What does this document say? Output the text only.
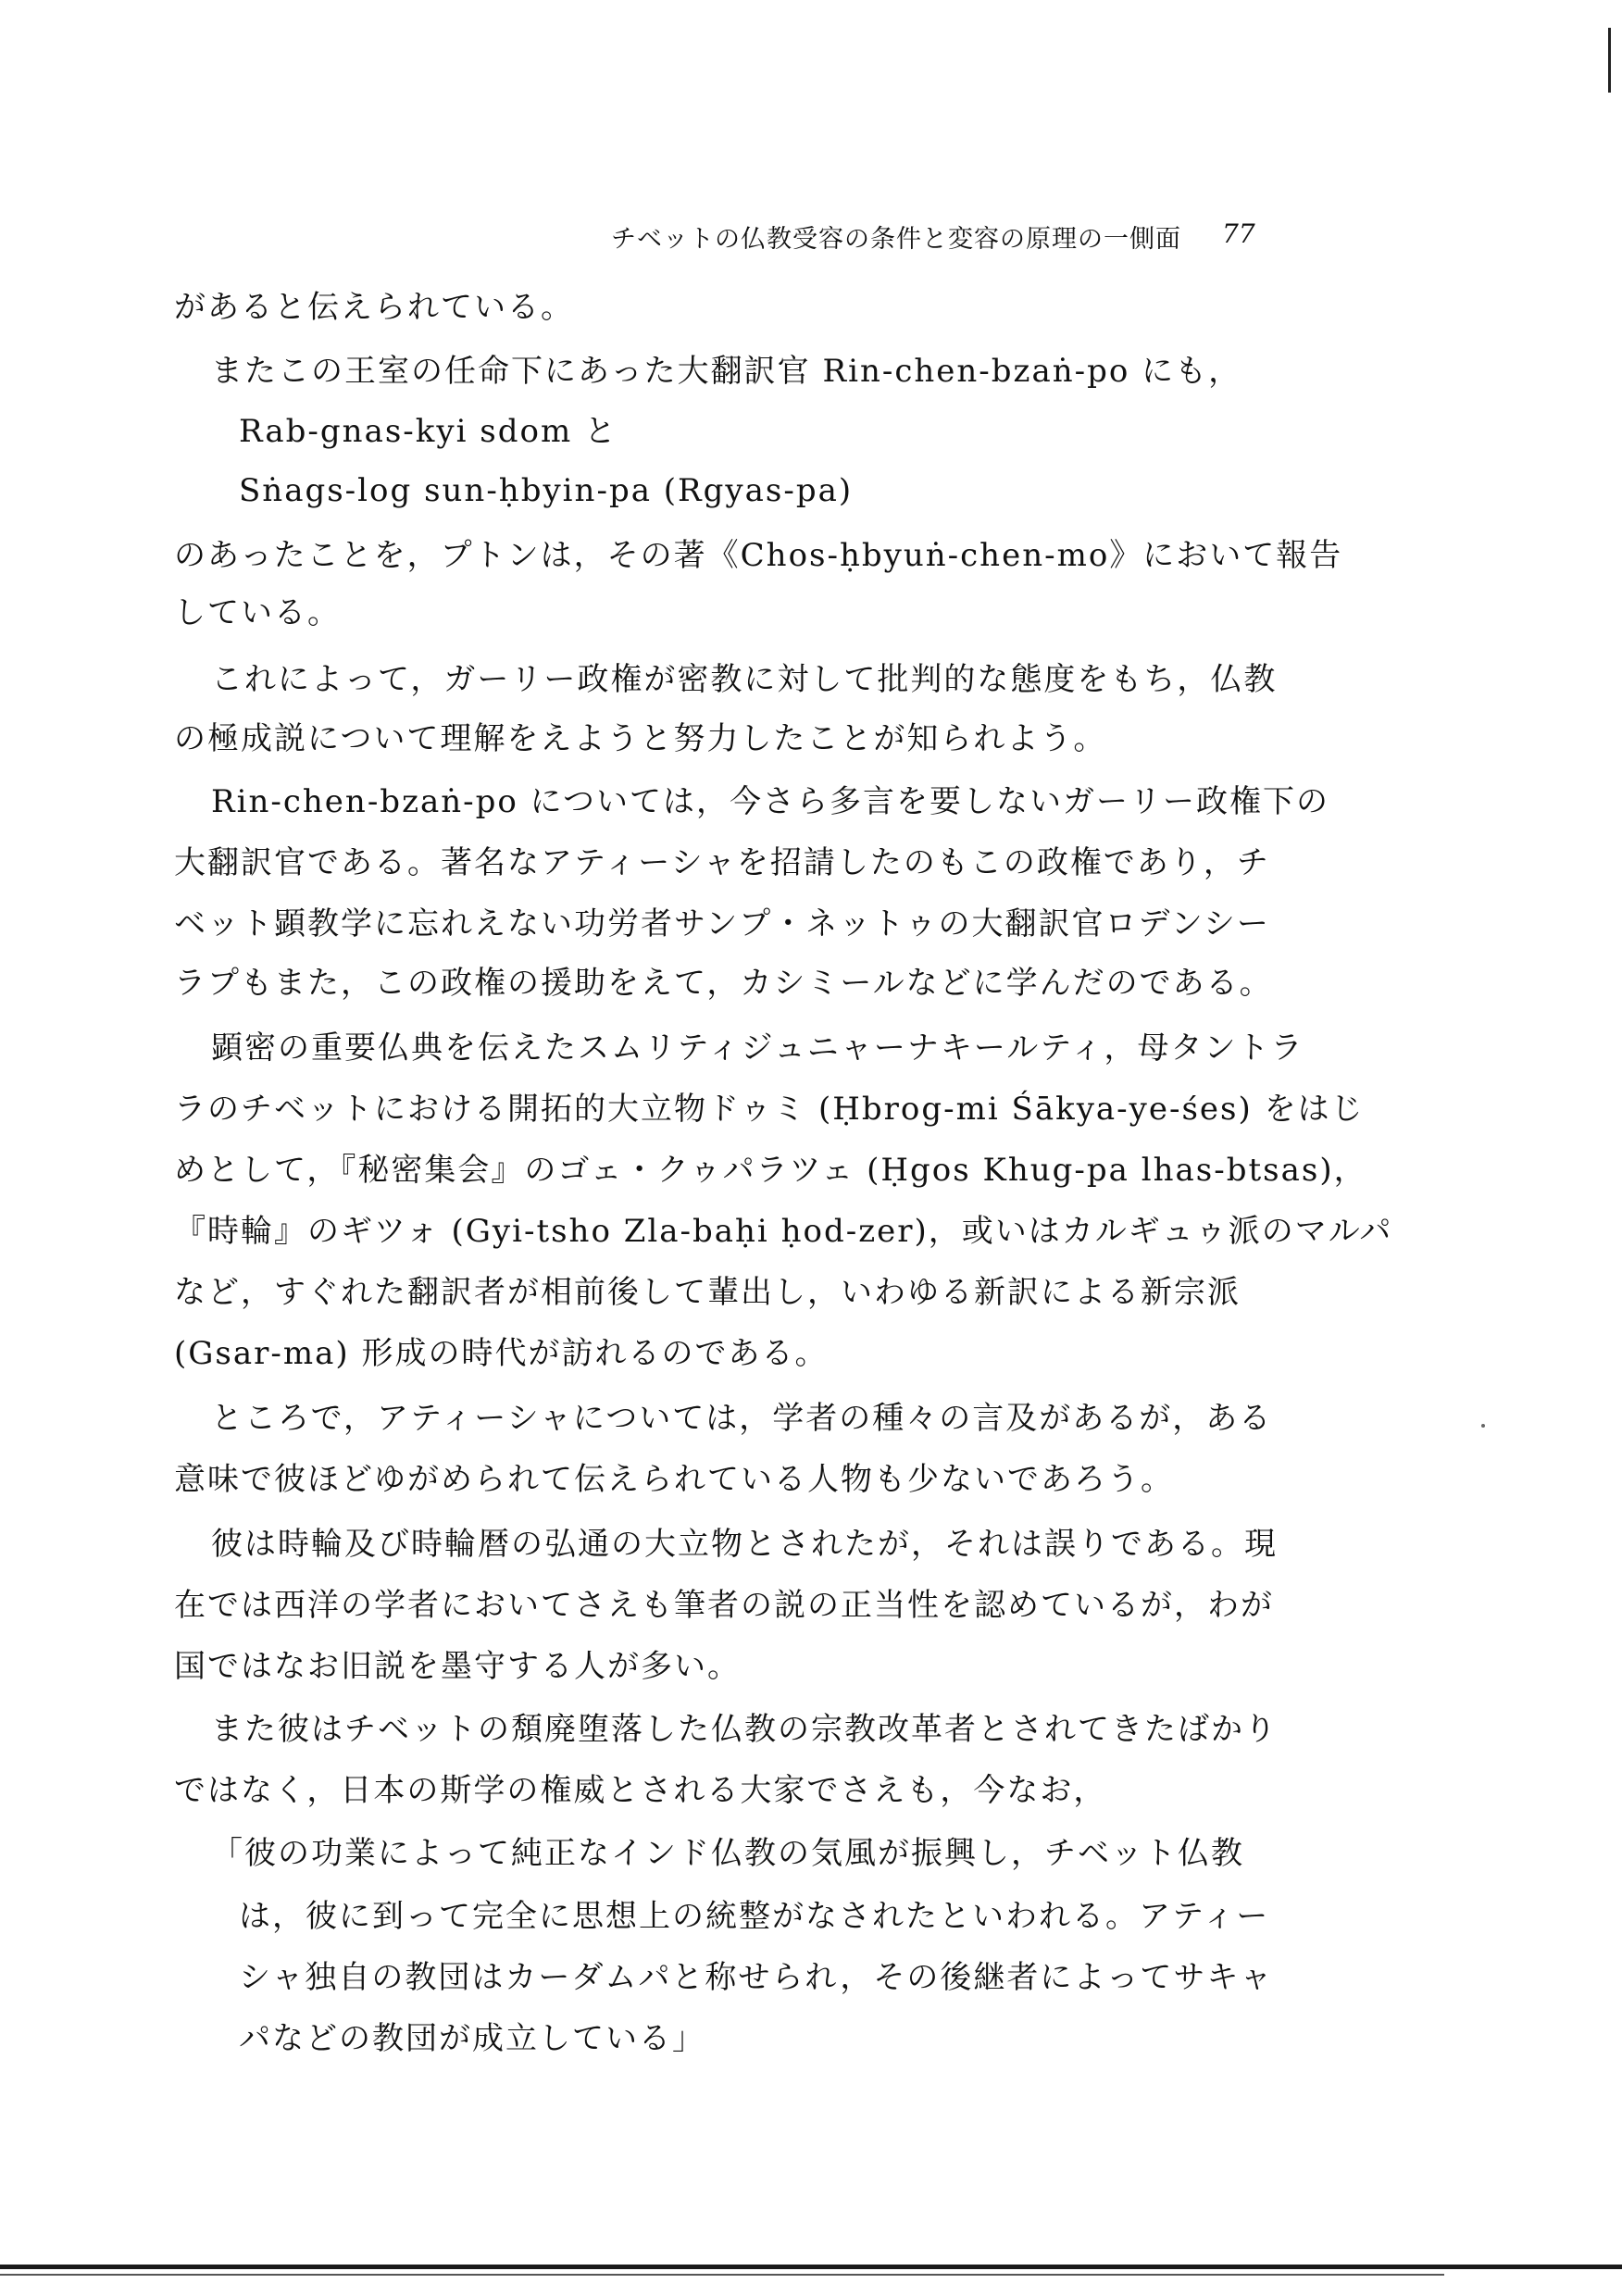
チベットの仏教受容の条件と変容の原理の一側面 77
があると伝えられている。
またこの王室の任命下にあった大翻訳官 Rin-chen-bzaṅ-po にも，
Rab-gnas-kyi sdom と
Sṅags-log sun-ḥbyin-pa (Rgyas-pa)
のあったことを，プトンは，その著《Chos-ḥbyuṅ-chen-mo》において報告
している。
これによって，ガーリー政権が密教に対して批判的な態度をもち，仏教
の極成説について理解をえようと努力したことが知られよう。
Rin-chen-bzaṅ-po については，今さら多言を要しないガーリー政権下の
大翻訳官である。著名なアティーシャを招請したのもこの政権であり，チ
ベット顕教学に忘れえない功労者サンプ・ネットゥの大翻訳官ロデンシー
ラプもまた，この政権の援助をえて，カシミールなどに学んだのである。
顕密の重要仏典を伝えたスムリティジュニャーナキールティ，母タントラ
ラのチベットにおける開拓的大立物ドゥミ (Ḥbrog-mi Śākya-ye-śes) をはじ
めとして，『秘密集会』のゴェ・クゥパラツェ (Ḥgos Khug-pa lhas-btsas)，
『時輪』のギツォ (Gyi-tsho Zla-baḥi ḥod-zer)，或いはカルギュゥ派のマルパ
など，すぐれた翻訳者が相前後して輩出し，いわゆる新訳による新宗派
(Gsar-ma) 形成の時代が訪れるのである。
ところで，アティーシャについては，学者の種々の言及があるが，ある
意味で彼ほどゆがめられて伝えられている人物も少ないであろう。
彼は時輪及び時輪暦の弘通の大立物とされたが，それは誤りである。現
在では西洋の学者においてさえも筆者の説の正当性を認めているが，わが
国ではなお旧説を墨守する人が多い。
また彼はチベットの頽廃堕落した仏教の宗教改革者とされてきたばかり
ではなく，日本の斯学の権威とされる大家でさえも，今なお，
「彼の功業によって純正なインド仏教の気風が振興し，チベット仏教
は，彼に到って完全に思想上の統整がなされたといわれる。アティー
シャ独自の教団はカーダムパと称せられ，その後継者によってサキャ
パなどの教団が成立している」
